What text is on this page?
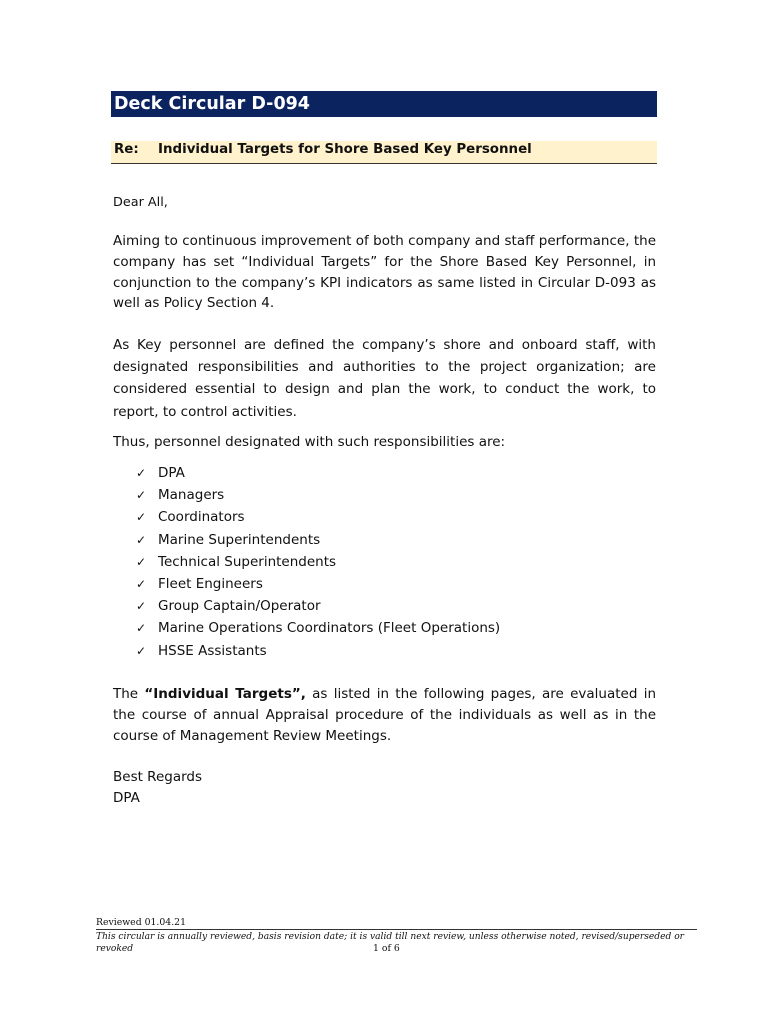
Deck Circular D-094
Re: Individual Targets for Shore Based Key Personnel
Dear All,

Aiming to continuous improvement of both company and staff performance, the company has set “Individual Targets” for the Shore Based Key Personnel, in conjunction to the company’s KPI indicators as same listed in Circular D-093 as well as Policy Section 4.

As Key personnel are defined the company’s shore and onboard staff, with designated responsibilities and authorities to the project organization; are considered essential to design and plan the work, to conduct the work, to report, to control activities.

Thus, personnel designated with such responsibilities are:

✓ DPA
✓ Managers
✓ Coordinators
✓ Marine Superintendents
✓ Technical Superintendents
✓ Fleet Engineers
✓ Group Captain/Operator
✓ Marine Operations Coordinators (Fleet Operations)
✓ HSSE Assistants

The “Individual Targets”, as listed in the following pages, are evaluated in the course of annual Appraisal procedure of the individuals as well as in the course of Management Review Meetings.

Best Regards
DPA
Reviewed 01.04.21
This circular is annually reviewed, basis revision date; it is valid till next review, unless otherwise noted, revised/superseded or revoked	1 of 6
